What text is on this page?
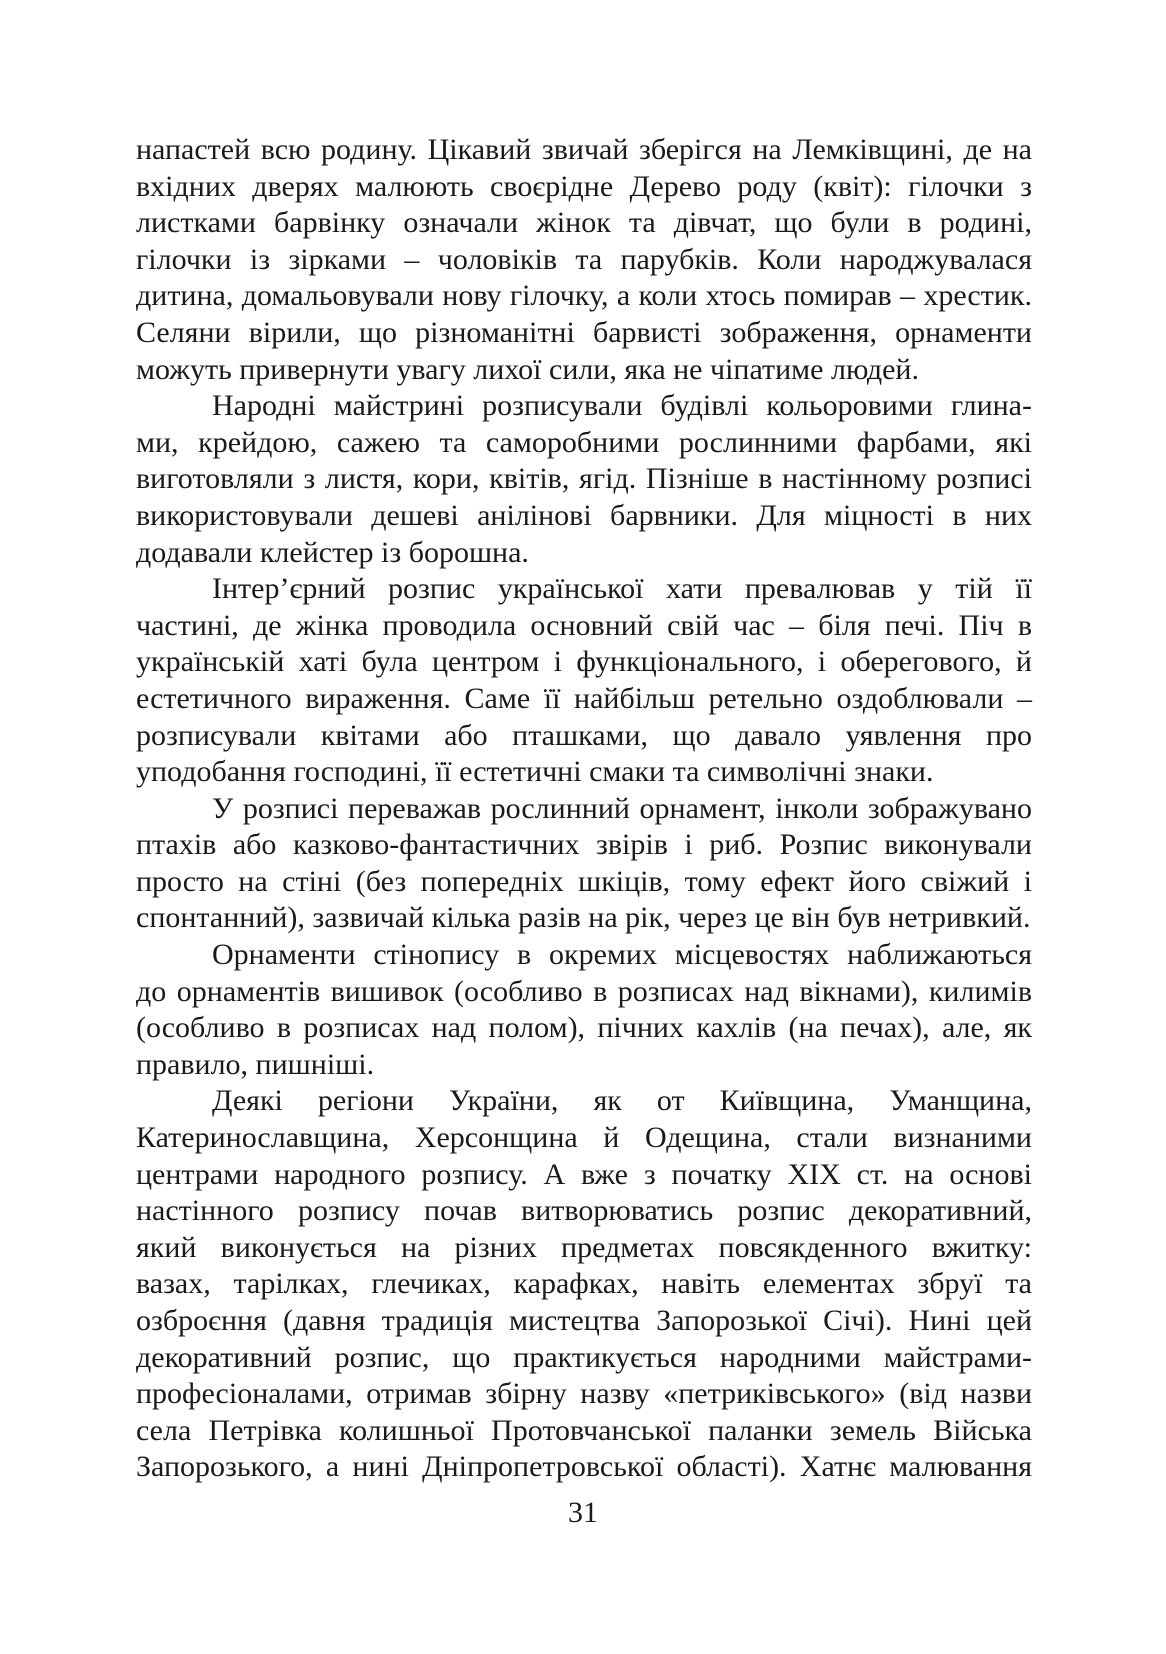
напастей всю родину. Цікавий звичай зберігся на Лемківщині, де на
вхідних дверях малюють своєрідне Дерево роду (квіт): гілочки з
листками барвінку означали жінок та дівчат, що були в родині,
гілочки із зірками – чоловіків та парубків. Коли народжувалася
дитина, домальовували нову гілочку, а коли хтось помирав – хрестик.
Селяни вірили, що різноманітні барвисті зображення, орнаменти
можуть привернути увагу лихої сили, яка не чіпатиме людей.

Народні майстрині розписували будівлі кольоровими глина-
ми, крейдою, сажею та саморобними рослинними фарбами, які
виготовляли з листя, кори, квітів, ягід. Пізніше в настінному розписі
використовували дешеві анілінові барвники. Для міцності в них
додавали клейстер із борошна.

Інтер’єрний розпис української хати превалював у тій її
частині, де жінка проводила основний свій час – біля печі. Піч в
українській хаті була центром і функціонального, і оберегового, й
естетичного вираження. Саме її найбільш ретельно оздоблювали –
розписували квітами або пташками, що давало уявлення про
уподобання господині, її естетичні смаки та символічні знаки.

У розписі переважав рослинний орнамент, інколи зображувано
птахів або казково-фантастичних звірів і риб. Розпис виконували
просто на стіні (без попередніх шкіців, тому ефект його свіжий і
спонтанний), зазвичай кілька разів на рік, через це він був нетривкий.

Орнаменти стінопису в окремих місцевостях наближаються
до орнаментів вишивок (особливо в розписах над вікнами), килимів
(особливо в розписах над полом), пічних кахлів (на печах), але, як
правило, пишніші.

Деякі регіони України, як от Київщина, Уманщина,
Катеринославщина, Херсонщина й Одещина, стали визнаними
центрами народного розпису. А вже з початку XIX ст. на основі
настінного розпису почав витворюватись розпис декоративний,
який виконується на різних предметах повсякденного вжитку:
вазах, тарілках, глечиках, карафках, навіть елементах збруї та
озброєння (давня традиція мистецтва Запорозької Січі). Нині цей
декоративний розпис, що практикується народними майстрами-
професіоналами, отримав збірну назву «петриківського» (від назви
села Петрівка колишньої Протовчанської паланки земель Війська
Запорозького, а нині Дніпропетровської області). Хатнє малювання

31
